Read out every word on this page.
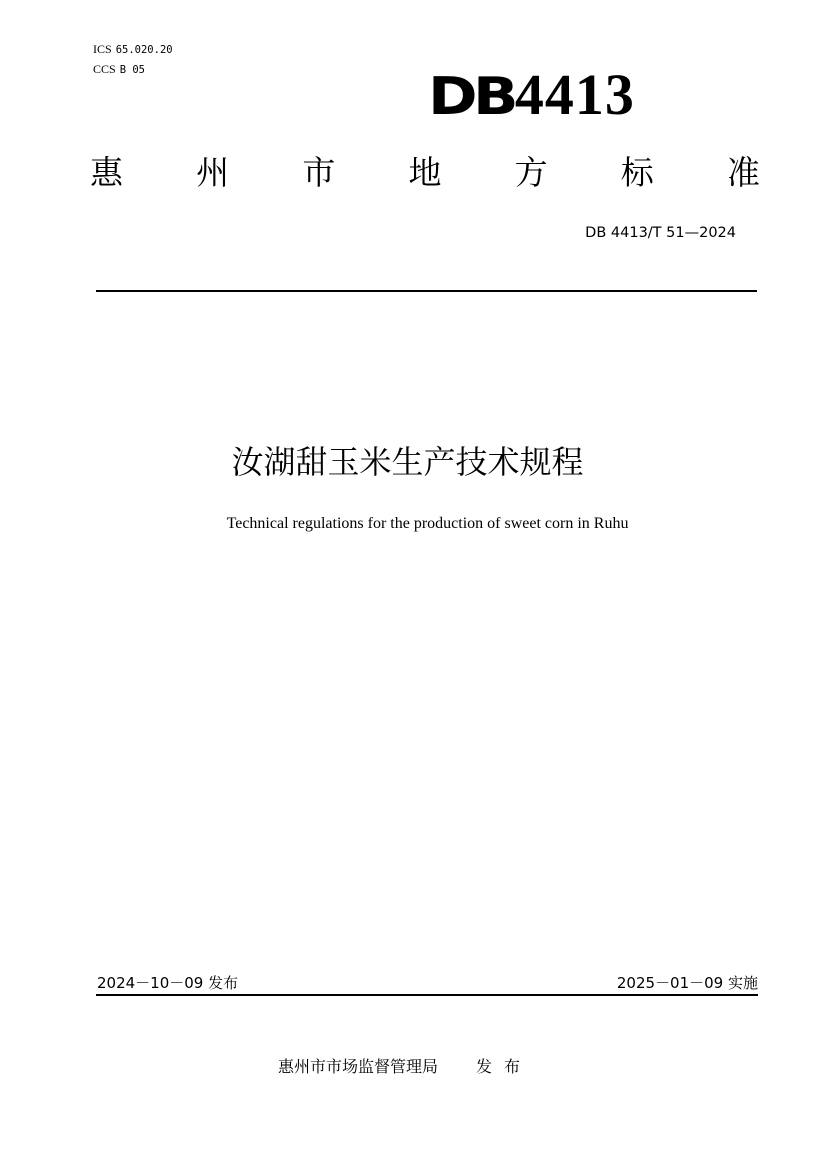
ICS 65.020.20
CCS B 05	DB4413
惠 州 市 地 方 标 准
DB 4413/T 51—2024
汝湖甜玉米生产技术规程
Technical regulations for the production of sweet corn in Ruhu
2024－10－09 发布	2025－01－09 实施
惠州市市场监督管理局 发布
